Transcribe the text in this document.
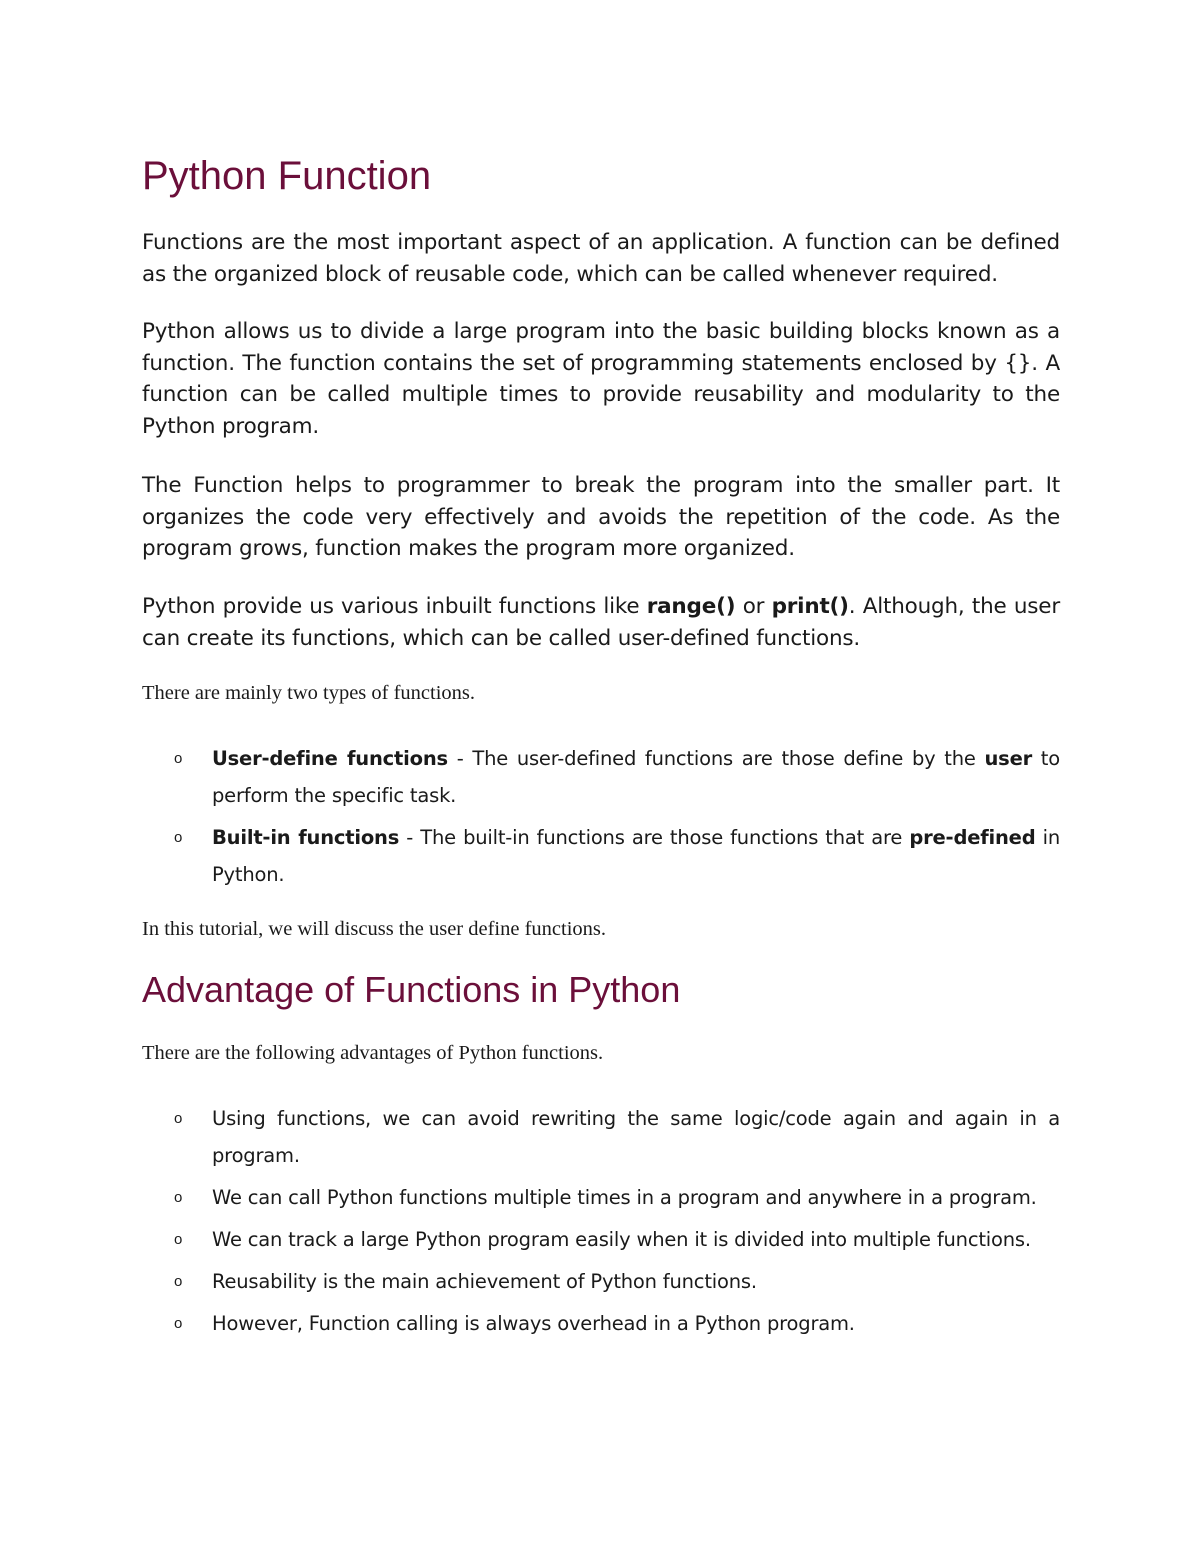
Python Function

Functions are the most important aspect of an application. A function can be defined as the organized block of reusable code, which can be called whenever required.

Python allows us to divide a large program into the basic building blocks known as a function. The function contains the set of programming statements enclosed by {}. A function can be called multiple times to provide reusability and modularity to the Python program.

The Function helps to programmer to break the program into the smaller part. It organizes the code very effectively and avoids the repetition of the code. As the program grows, function makes the program more organized.

Python provide us various inbuilt functions like range() or print(). Although, the user can create its functions, which can be called user-defined functions.

There are mainly two types of functions.

o User-define functions - The user-defined functions are those define by the user to perform the specific task.
o Built-in functions - The built-in functions are those functions that are pre-defined in Python.

In this tutorial, we will discuss the user define functions.

Advantage of Functions in Python

There are the following advantages of Python functions.

o Using functions, we can avoid rewriting the same logic/code again and again in a program.
o We can call Python functions multiple times in a program and anywhere in a program.
o We can track a large Python program easily when it is divided into multiple functions.
o Reusability is the main achievement of Python functions.
o However, Function calling is always overhead in a Python program.
